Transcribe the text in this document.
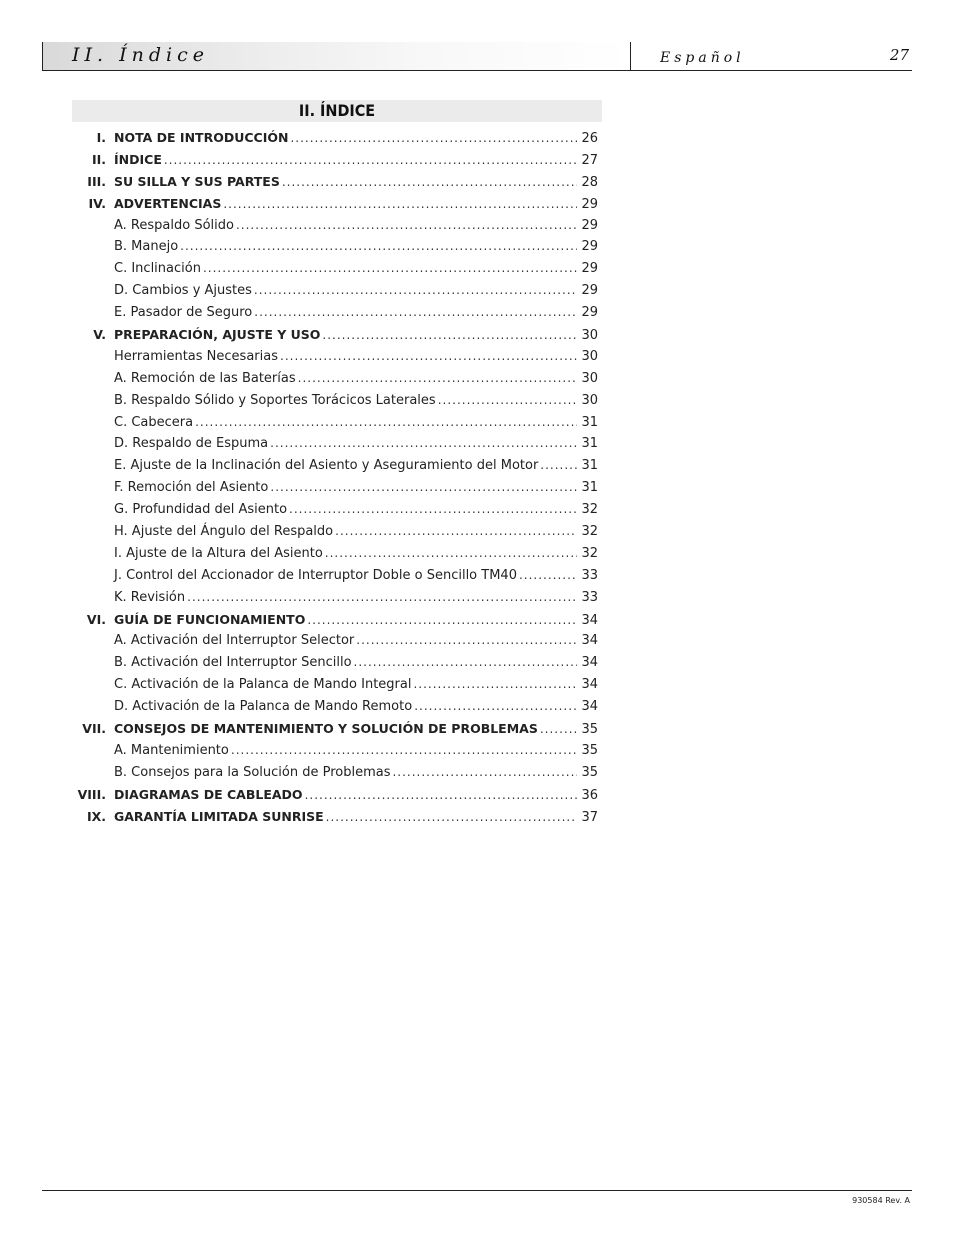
II. Índice	Español	27
II. ÍNDICE
I. NOTA DE INTRODUCCIÓN .....	26
II. ÍNDICE .....	27
III. SU SILLA Y SUS PARTES .....	28
IV. ADVERTENCIAS .....	29
A. Respaldo Sólido .....	29
B. Manejo .....	29
C. Inclinación .....	29
D. Cambios y Ajustes .....	29
E. Pasador de Seguro .....	29
V. PREPARACIÓN, AJUSTE Y USO .....	30
Herramientas Necesarias .....	30
A. Remoción de las Baterías .....	30
B. Respaldo Sólido y Soportes Torácicos Laterales .....	30
C. Cabecera .....	31
D. Respaldo de Espuma .....	31
E. Ajuste de la Inclinación del Asiento y Aseguramiento del Motor .....	31
F. Remoción del Asiento .....	31
G. Profundidad del Asiento .....	32
H. Ajuste del Ángulo del Respaldo .....	32
I. Ajuste de la Altura del Asiento .....	32
J. Control del Accionador de Interruptor Doble o Sencillo TM40 .....	33
K. Revisión .....	33
VI. GUÍA DE FUNCIONAMIENTO .....	34
A. Activación del Interruptor Selector .....	34
B. Activación del Interruptor Sencillo .....	34
C. Activación de la Palanca de Mando Integral .....	34
D. Activación de la Palanca de Mando Remoto .....	34
VII. CONSEJOS DE MANTENIMIENTO Y SOLUCIÓN DE PROBLEMAS .....	35
A. Mantenimiento .....	35
B. Consejos para la Solución de Problemas .....	35
VIII. DIAGRAMAS DE CABLEADO .....	36
IX. GARANTÍA LIMITADA SUNRISE .....	37
930584 Rev. A
